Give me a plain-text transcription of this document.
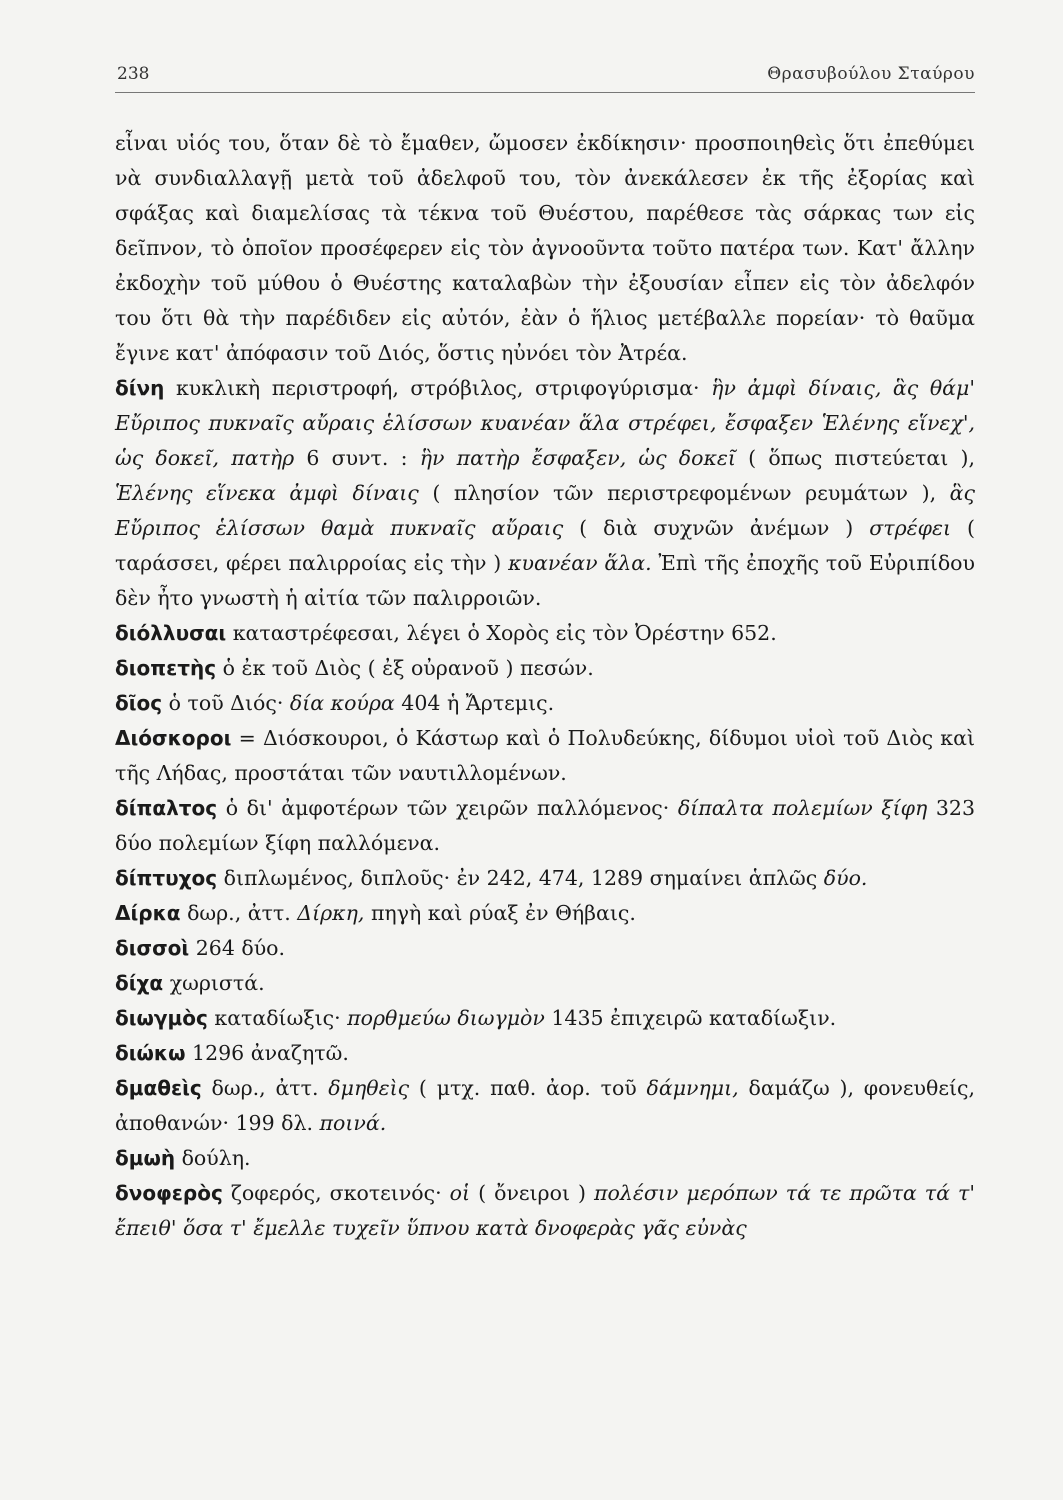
238	Θρασυβούλου Σταύρου

εἶναι υἱός του, ὅταν δὲ τὸ ἔμαθεν, ὤμοσεν ἐκδίκησιν· προσποιηθεὶς ὅτι ἐπεθύμει νὰ συνδιαλλαγῇ μετὰ τοῦ ἀδελφοῦ του, τὸν ἀνεκάλεσεν ἐκ τῆς ἐξορίας καὶ σφάξας καὶ διαμελίσας τὰ τέκνα τοῦ Θυέστου, παρέθεσε τὰς σάρκας των εἰς δεῖπνον, τὸ ὁποῖον προσέφερεν εἰς τὸν ἀγνοοῦντα τοῦτο πατέρα των. Κατ' ἄλλην ἐκδοχὴν τοῦ μύθου ὁ Θυέστης καταλαβὼν τὴν ἐξουσίαν εἶπεν εἰς τὸν ἀδελφόν του ὅτι θὰ τὴν παρέδιδεν εἰς αὐτόν, ἐὰν ὁ ἥλιος μετέβαλλε πορείαν· τὸ θαῦμα ἔγινε κατ' ἀπόφασιν τοῦ Διός, ὅστις ηὐνόει τὸν Ἀτρέα.

δίνη κυκλικὴ περιστροφή, στρόβιλος, στριφογύρισμα· ἣν ἀμφὶ δίναις, ἃς θάμ' Εὔριπος πυκναῖς αὔραις ἑλίσσων κυανέαν ἅλα στρέφει, ἔσφαξεν Ἑλένης εἵνεχ', ὡς δοκεῖ, πατὴρ 6 συντ. : ἣν πατὴρ ἔσφαξεν, ὡς δοκεῖ ( ὅπως πιστεύεται ), Ἑλένης εἵνεκα ἀμφὶ δίναις ( πλησίον τῶν περιστρεφομένων ρευμάτων ), ἃς Εὔριπος ἑλίσσων θαμὰ πυκναῖς αὔραις ( διὰ συχνῶν ἀνέμων ) στρέφει ( ταράσσει, φέρει παλιρροίας εἰς τὴν ) κυανέαν ἅλα. Ἐπὶ τῆς ἐποχῆς τοῦ Εὐριπίδου δὲν ἦτο γνωστὴ ἡ αἰτία τῶν παλιρροιῶν.

διόλλυσαι καταστρέφεσαι, λέγει ὁ Χορὸς εἰς τὸν Ὀρέστην 652.

διοπετὴς ὁ ἐκ τοῦ Διὸς ( ἐξ οὐρανοῦ ) πεσών.

δῖος ὁ τοῦ Διός· δία κούρα 404 ἡ Ἄρτεμις.

Διόσκοροι = Διόσκουροι, ὁ Κάστωρ καὶ ὁ Πολυδεύκης, δίδυμοι υἱοὶ τοῦ Διὸς καὶ τῆς Λήδας, προστάται τῶν ναυτιλλομένων.

δίπαλτος ὁ δι' ἀμφοτέρων τῶν χειρῶν παλλόμενος· δίπαλτα πολεμίων ξίφη 323 δύο πολεμίων ξίφη παλλόμενα.

δίπτυχος διπλωμένος, διπλοῦς· ἐν 242, 474, 1289 σημαίνει ἁπλῶς δύο.

Δίρκα δωρ., ἀττ. Δίρκη, πηγὴ καὶ ρύαξ ἐν Θήβαις.

δισσοὶ 264 δύο.

δίχα χωριστά.

διωγμὸς καταδίωξις· πορθμεύω διωγμὸν 1435 ἐπιχειρῶ καταδίωξιν.

διώκω 1296 ἀναζητῶ.

δμαθεὶς δωρ., ἀττ. δμηθεὶς ( μτχ. παθ. ἀορ. τοῦ δάμνημι, δαμάζω ), φονευθείς, ἀποθανών· 199 δλ. ποινά.

δμωὴ δούλη.

δνοφερὸς ζοφερός, σκοτεινός· οἱ ( ὄνειροι ) πολέσιν μερόπων τά τε πρῶτα τά τ' ἔπειθ' ὅσα τ' ἔμελλε τυχεῖν ὕπνου κατὰ δνοφερὰς γᾶς εὐνὰς
